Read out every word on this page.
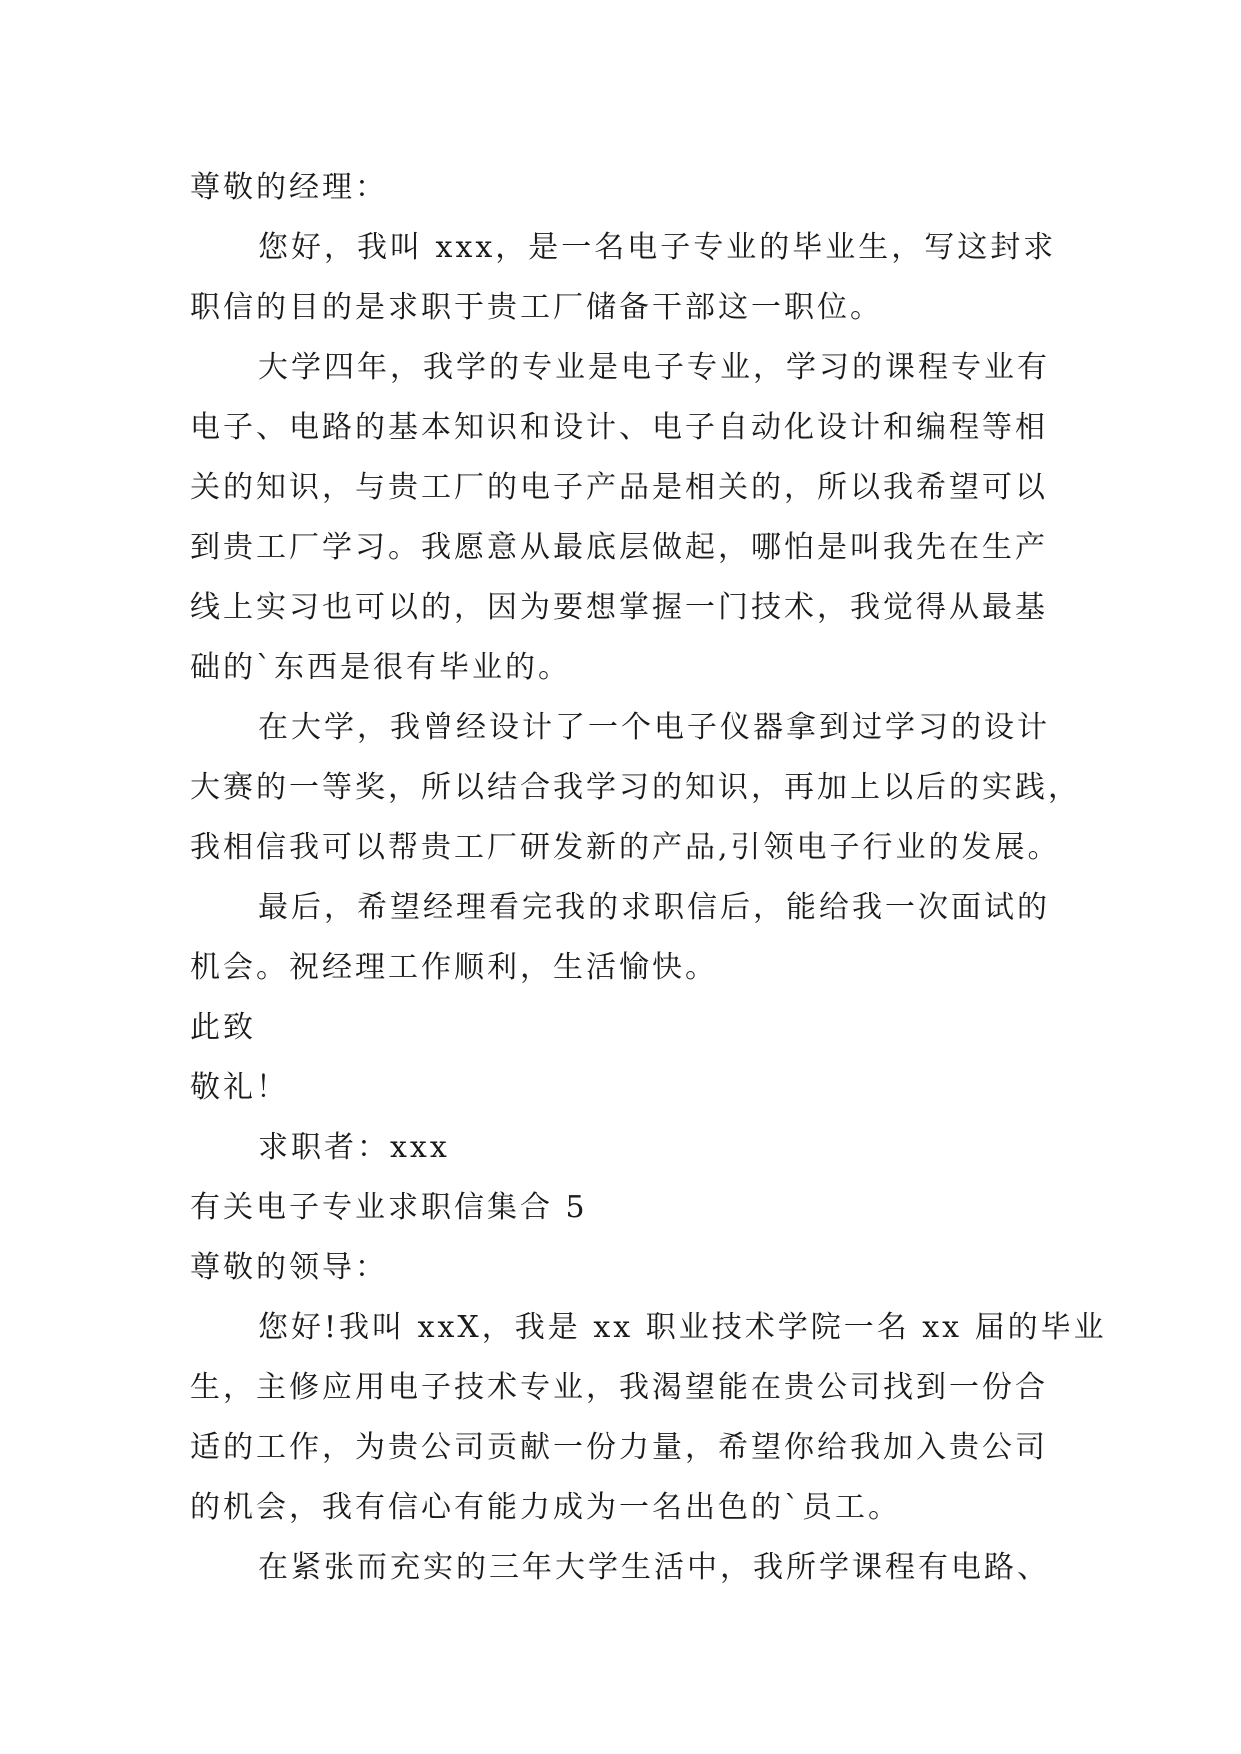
尊敬的经理：
您好，我叫 xxx，是一名电子专业的毕业生，写这封求
职信的目的是求职于贵工厂储备干部这一职位。
大学四年，我学的专业是电子专业，学习的课程专业有
电子、电路的基本知识和设计、电子自动化设计和编程等相
关的知识，与贵工厂的电子产品是相关的，所以我希望可以
到贵工厂学习。我愿意从最底层做起，哪怕是叫我先在生产
线上实习也可以的，因为要想掌握一门技术，我觉得从最基
础的`东西是很有毕业的。
在大学，我曾经设计了一个电子仪器拿到过学习的设计
大赛的一等奖，所以结合我学习的知识，再加上以后的实践，
我相信我可以帮贵工厂研发新的产品,引领电子行业的发展。
最后，希望经理看完我的求职信后，能给我一次面试的
机会。祝经理工作顺利，生活愉快。
此致
敬礼！
求职者：xxx
有关电子专业求职信集合 5
尊敬的领导：
您好!我叫 xxX，我是 xx 职业技术学院一名 xx 届的毕业
生，主修应用电子技术专业，我渴望能在贵公司找到一份合
适的工作，为贵公司贡献一份力量，希望你给我加入贵公司
的机会，我有信心有能力成为一名出色的`员工。
在紧张而充实的三年大学生活中，我所学课程有电路、
